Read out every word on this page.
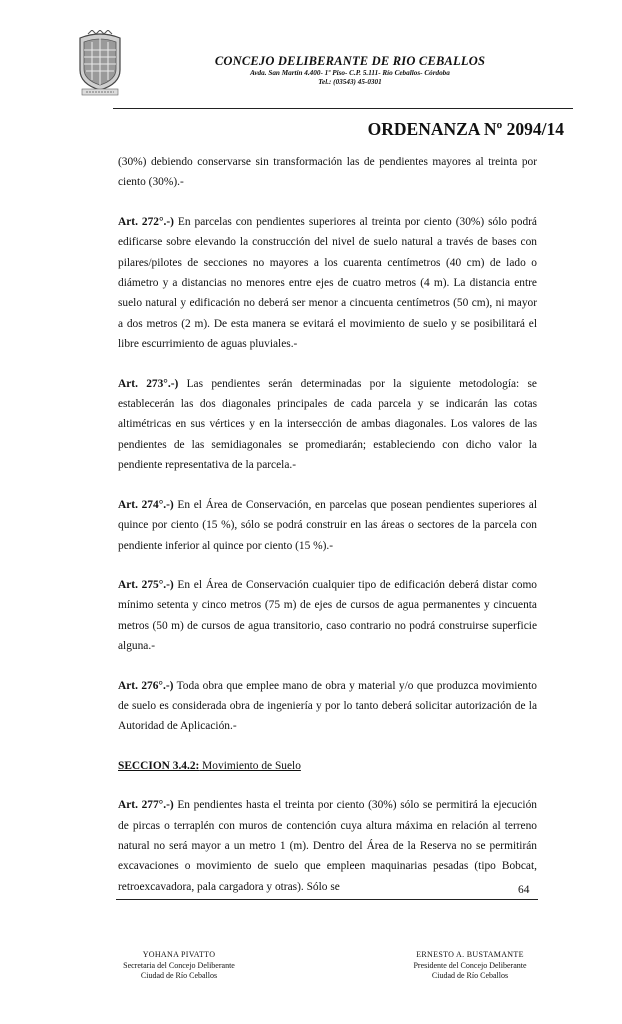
CONCEJO DELIBERANTE DE RIO CEBALLOS
Avda. San Martín 4.400- 1º Piso- C.P. 5.111- Río Ceballos- Córdoba
Tel.: (03543) 45-0301
ORDENANZA Nº 2094/14

(30%) debiendo conservarse sin transformación las de pendientes mayores al treinta por ciento (30%).-

Art. 272°.-) En parcelas con pendientes superiores al treinta por ciento (30%) sólo podrá edificarse sobre elevando la construcción del nivel de suelo natural a través de bases con pilares/pilotes de secciones no mayores a los cuarenta centímetros (40 cm) de lado o diámetro y a distancias no menores entre ejes de cuatro metros (4 m). La distancia entre suelo natural y edificación no deberá ser menor a cincuenta centímetros (50 cm), ni mayor a dos metros (2 m). De esta manera se evitará el movimiento de suelo y se posibilitará el libre escurrimiento de aguas pluviales.-

Art. 273°.-) Las pendientes serán determinadas por la siguiente metodología: se establecerán las dos diagonales principales de cada parcela y se indicarán las cotas altimétricas en sus vértices y en la intersección de ambas diagonales. Los valores de las pendientes de las semidiagonales se promediarán; estableciendo con dicho valor la pendiente representativa de la parcela.-

Art. 274°.-) En el Área de Conservación, en parcelas que posean pendientes superiores al quince por ciento (15 %), sólo se podrá construir en las áreas o sectores de la parcela con pendiente inferior al quince por ciento (15 %).-

Art. 275°.-) En el Área de Conservación cualquier tipo de edificación deberá distar como mínimo setenta y cinco metros (75 m) de ejes de cursos de agua permanentes y cincuenta metros (50 m) de cursos de agua transitorio, caso contrario no podrá construirse superficie alguna.-

Art. 276°.-) Toda obra que emplee mano de obra y material y/o que produzca movimiento de suelo es considerada obra de ingeniería y por lo tanto deberá solicitar autorización de la Autoridad de Aplicación.-

SECCION 3.4.2: Movimiento de Suelo

Art. 277°.-) En pendientes hasta el treinta por ciento (30%) sólo se permitirá la ejecución de pircas o terraplén con muros de contención cuya altura máxima en relación al terreno natural no será mayor a un metro 1 (m). Dentro del Área de la Reserva no se permitirán excavaciones o movimiento de suelo que empleen maquinarias pesadas (tipo Bobcat, retroexcavadora, pala cargadora y otras). Sólo se	64
YOHANA PIVATTO
Secretaria del Concejo Deliberante
Ciudad de Río Ceballos
ERNESTO A. BUSTAMANTE
Presidente del Concejo Deliberante
Ciudad de Río Ceballos
